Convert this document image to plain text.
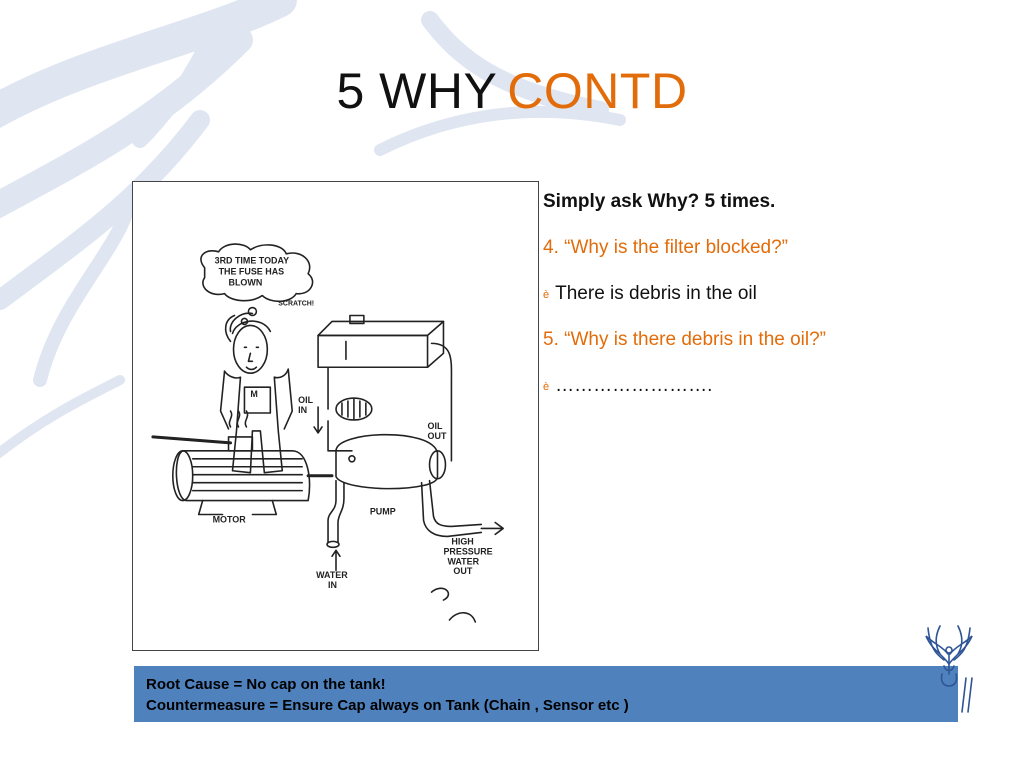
5 WHY CONTD
3RD TIME TODAY
THE FUSE HAS
BLOWN
SCRATCH!
M
OIL
IN
OIL
OUT
MOTOR
PUMP
WATER
IN
HIGH
PRESSURE
WATER
OUT
Simply ask Why? 5 times.
4. “Why is the filter blocked?”
è There is debris in the oil
5. “Why is there debris in the oil?”
è …………………….
Root Cause = No cap on the tank!
Countermeasure = Ensure Cap always on Tank (Chain , Sensor etc )
